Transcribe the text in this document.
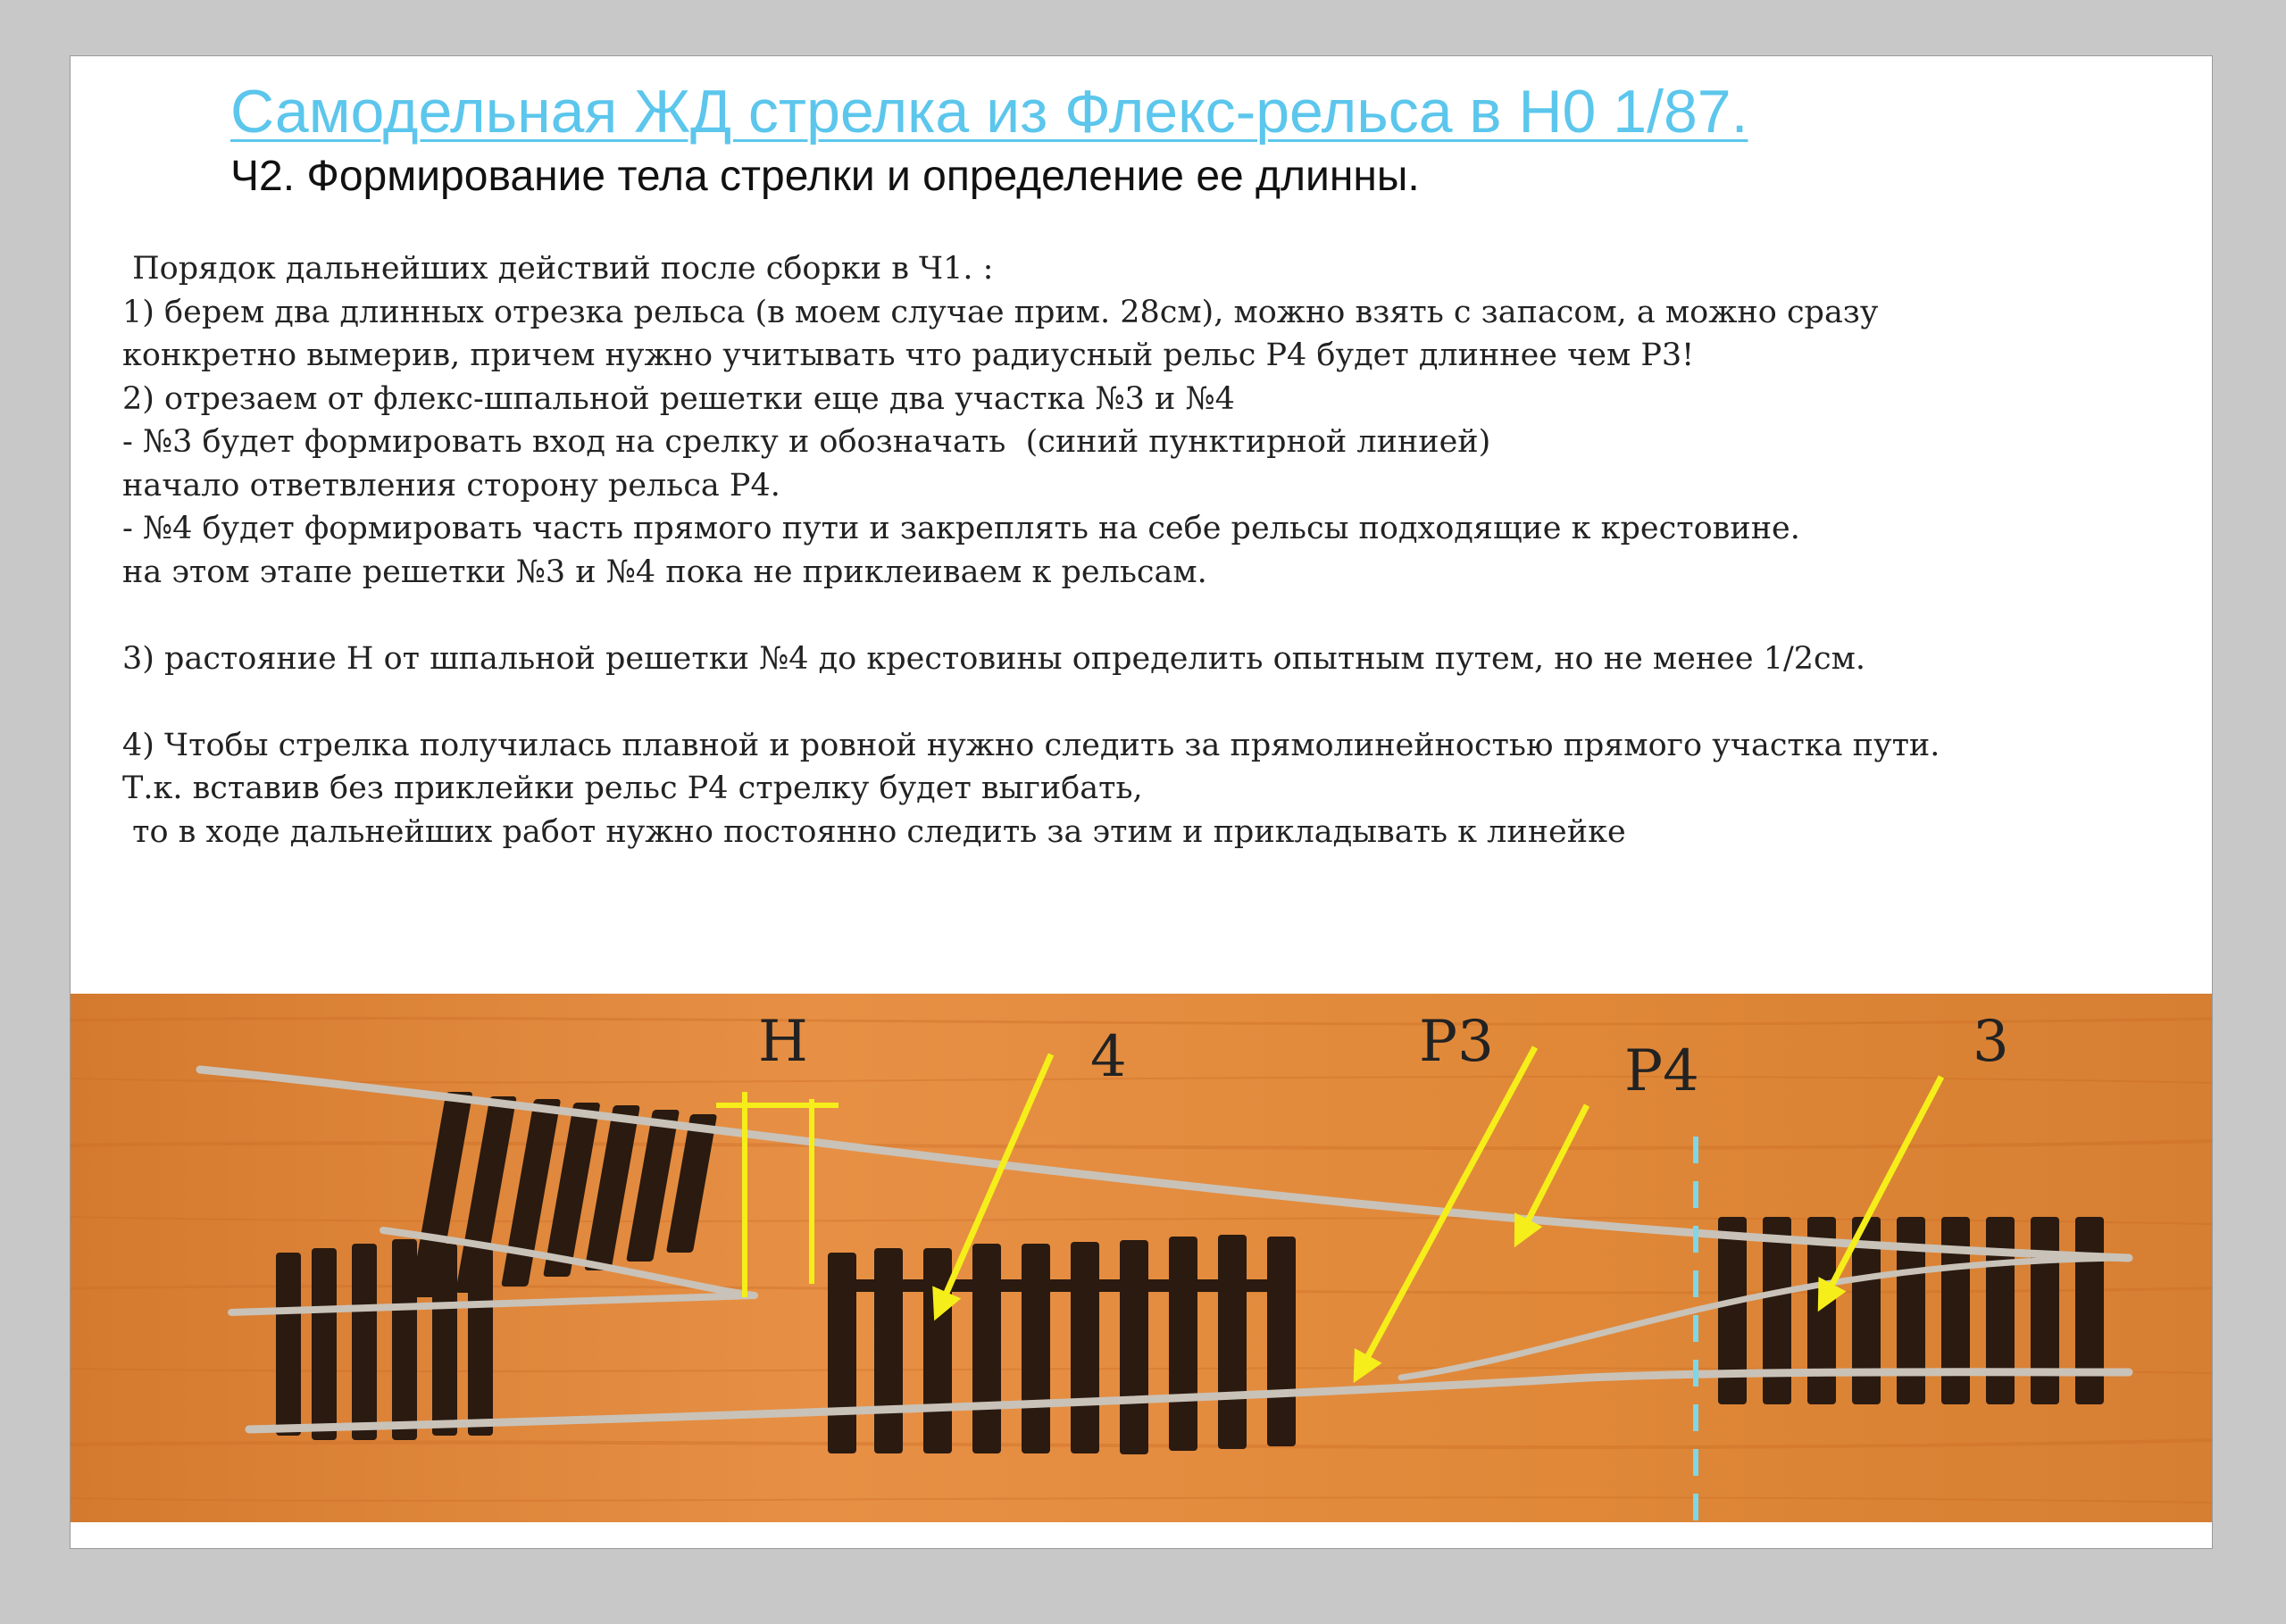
Самодельная ЖД стрелка из Флекс-рельса в Н0 1/87.
Ч2. Формирование тела стрелки и определение ее длинны.
Порядок дальнейших действий после сборки в Ч1. :
1) берем два длинных отрезка рельса (в моем случае прим. 28см), можно взять с запасом, а можно сразу
конкретно вымерив, причем нужно учитывать что радиусный рельс Р4 будет длиннее чем Р3!
2) отрезаем от флекс-шпальной решетки еще два участка №3 и №4
- №3 будет формировать вход на срелку и обозначать  (синий пунктирной линией)
начало ответвления сторону рельса Р4.
- №4 будет формировать часть прямого пути и закреплять на себе рельсы подходящие к крестовине.
на этом этапе решетки №3 и №4 пока не приклеиваем к рельсам.
3) растояние Н от шпальной решетки №4 до крестовины определить опытным путем, но не менее 1/2см.
4) Чтобы стрелка получилась плавной и ровной нужно следить за прямолинейностью прямого участка пути.
Т.к. вставив без приклейки рельс Р4 стрелку будет выгибать,
то в ходе дальнейших работ нужно постоянно следить за этим и прикладывать к линейке
Н	4	Р3 Р4	3
